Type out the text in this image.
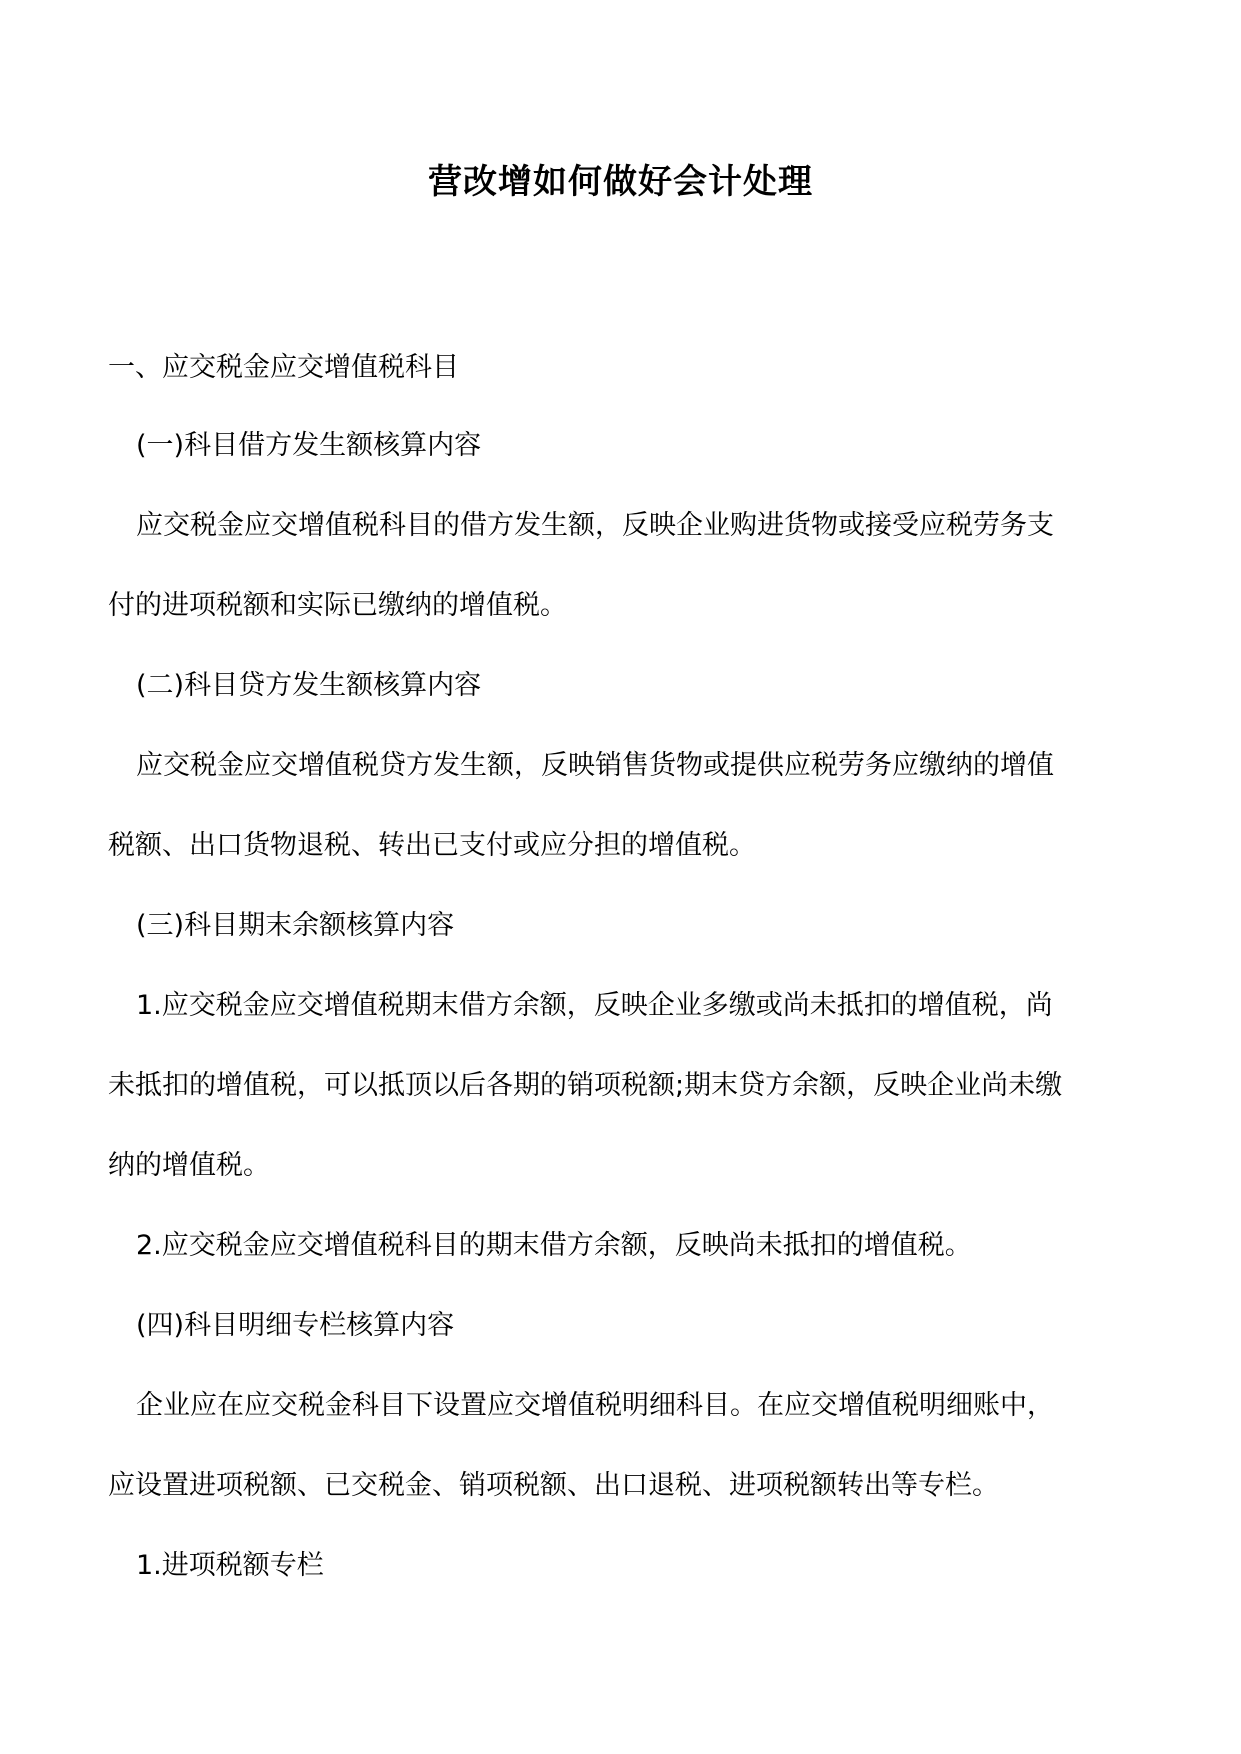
营改增如何做好会计处理
一、应交税金应交增值税科目
(一)科目借方发生额核算内容
应交税金应交增值税科目的借方发生额，反映企业购进货物或接受应税劳务支
付的进项税额和实际已缴纳的增值税。
(二)科目贷方发生额核算内容
应交税金应交增值税贷方发生额，反映销售货物或提供应税劳务应缴纳的增值
税额、出口货物退税、转出已支付或应分担的增值税。
(三)科目期末余额核算内容
1.应交税金应交增值税期末借方余额，反映企业多缴或尚未抵扣的增值税，尚
未抵扣的增值税，可以抵顶以后各期的销项税额;期末贷方余额，反映企业尚未缴
纳的增值税。
2.应交税金应交增值税科目的期末借方余额，反映尚未抵扣的增值税。
(四)科目明细专栏核算内容
企业应在应交税金科目下设置应交增值税明细科目。在应交增值税明细账中，
应设置进项税额、已交税金、销项税额、出口退税、进项税额转出等专栏。
1.进项税额专栏
